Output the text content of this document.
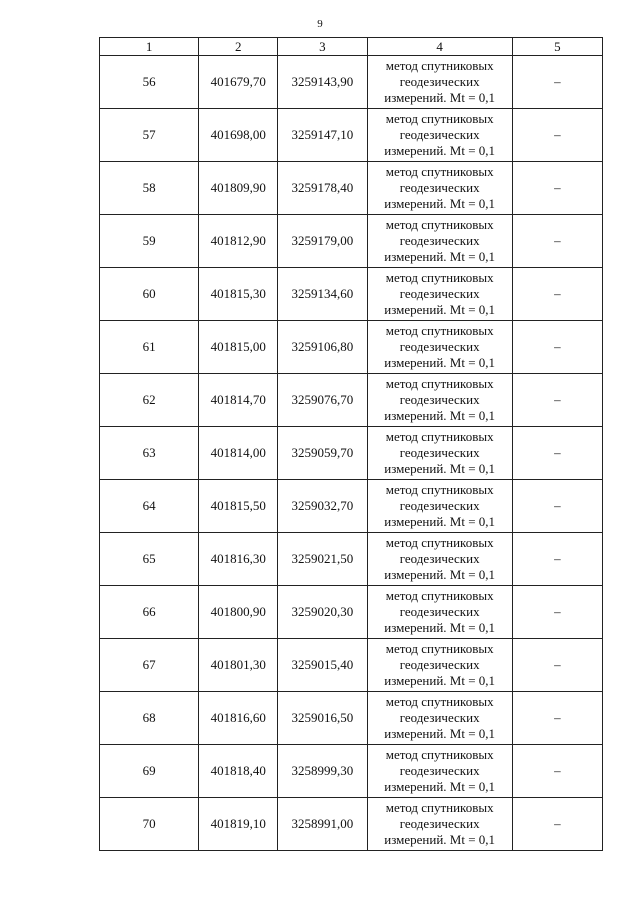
9
1	2	3	4	5
56	401679,70	3259143,90	метод спутниковых геодезических измерений. Mt = 0,1	–
57	401698,00	3259147,10	метод спутниковых геодезических измерений. Mt = 0,1	–
58	401809,90	3259178,40	метод спутниковых геодезических измерений. Mt = 0,1	–
59	401812,90	3259179,00	метод спутниковых геодезических измерений. Mt = 0,1	–
60	401815,30	3259134,60	метод спутниковых геодезических измерений. Mt = 0,1	–
61	401815,00	3259106,80	метод спутниковых геодезических измерений. Mt = 0,1	–
62	401814,70	3259076,70	метод спутниковых геодезических измерений. Mt = 0,1	–
63	401814,00	3259059,70	метод спутниковых геодезических измерений. Mt = 0,1	–
64	401815,50	3259032,70	метод спутниковых геодезических измерений. Mt = 0,1	–
65	401816,30	3259021,50	метод спутниковых геодезических измерений. Mt = 0,1	–
66	401800,90	3259020,30	метод спутниковых геодезических измерений. Mt = 0,1	–
67	401801,30	3259015,40	метод спутниковых геодезических измерений. Mt = 0,1	–
68	401816,60	3259016,50	метод спутниковых геодезических измерений. Mt = 0,1	–
69	401818,40	3258999,30	метод спутниковых геодезических измерений. Mt = 0,1	–
70	401819,10	3258991,00	метод спутниковых геодезических измерений. Mt = 0,1	–
